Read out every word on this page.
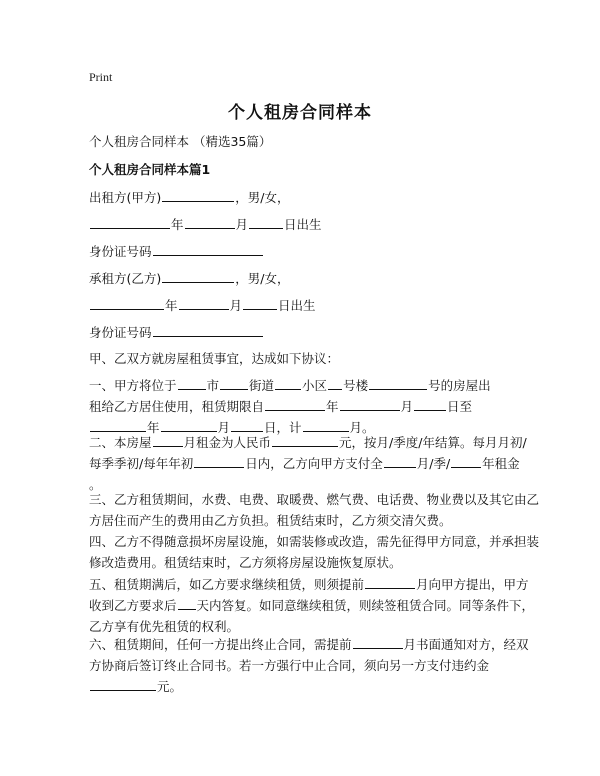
Print
个人租房合同样本
个人租房合同样本 （精选35篇）
个人租房合同样本篇1
出租方(甲方)	，男/女，
年	月	日出生
身份证号码
承租方(乙方)	，男/女，
年	月	日出生
身份证号码
甲、乙双方就房屋租赁事宜，达成如下协议：
一、甲方将位于 市 街道 小区 号楼	号的房屋出
租给乙方居住使用，租赁期限自	年	月	日至
年	月	日，计	月。
二、本房屋	月租金为人民币	元，按月/季度/年结算。每月月初/
每季季初/每年年初	日内，乙方向甲方支付全	月/季/	年租金
。
三、乙方租赁期间，水费、电费、取暖费、燃气费、电话费、物业费以及其它由乙
方居住而产生的费用由乙方负担。租赁结束时，乙方须交清欠费。
四、乙方不得随意损坏房屋设施，如需装修或改造，需先征得甲方同意，并承担装
修改造费用。租赁结束时，乙方须将房屋设施恢复原状。
五、租赁期满后，如乙方要求继续租赁，则须提前	月向甲方提出，甲方
收到乙方要求后 天内答复。如同意继续租赁，则续签租赁合同。同等条件下，
乙方享有优先租赁的权利。
六、租赁期间，任何一方提出终止合同，需提前	月书面通知对方，经双
方协商后签订终止合同书。若一方强行中止合同，须向另一方支付违约金
元。
